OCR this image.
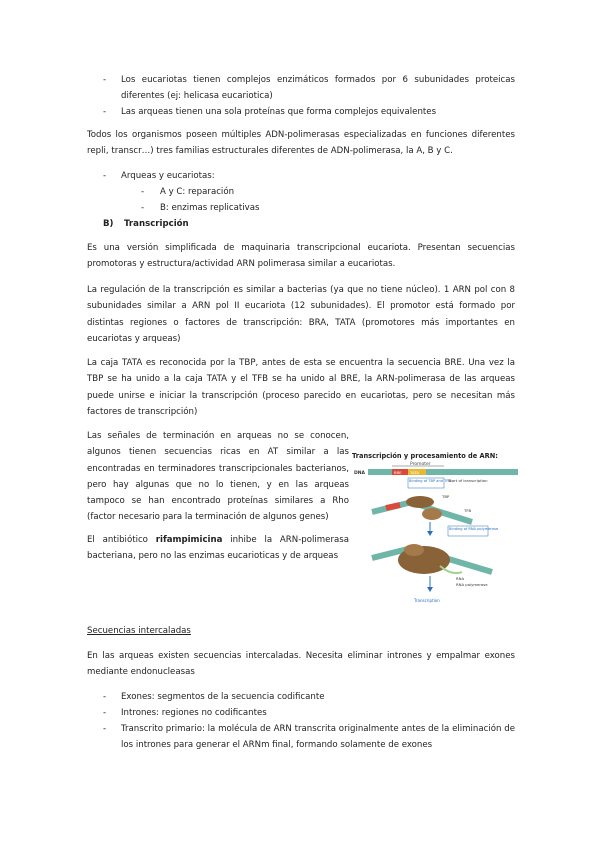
- Los eucariotas tienen complejos enzimáticos formados por 6 subunidades proteicas diferentes (ej: helicasa eucariotica)

- Las arqueas tienen una sola proteínas que forma complejos equivalentes

Todos los organismos poseen múltiples ADN-polimerasas especializadas en funciones diferentes repli, transcr…) tres familias estructurales diferentes de ADN-polimerasa, la A, B y C.

- Arqueas y eucariotas:

- A y C: reparación

- B: enzimas replicativas

B) Transcripción

Es una versión simplificada de maquinaria transcripcional eucariota. Presentan secuencias promotoras y estructura/actividad ARN polimerasa similar a eucariotas.

La regulación de la transcripción es similar a bacterias (ya que no tiene núcleo). 1 ARN pol con 8 subunidades similar a ARN pol II eucariota (12 subunidades). El promotor está formado por distintas regiones o factores de transcripción: BRA, TATA (promotores más importantes en eucariotas y arqueas)

La caja TATA es reconocida por la TBP, antes de esta se encuentra la secuencia BRE. Una vez la TBP se ha unido a la caja TATA y el TFB se ha unido al BRE, la ARN-polimerasa de las arqueas puede unirse e iniciar la transcripción (proceso parecido en eucariotas, pero se necesitan más factores de transcripción)

Las señales de terminación en arqueas no se conocen, algunos tienen secuencias ricas en AT similar a las encontradas en terminadores transcripcionales bacterianos, pero hay algunas que no lo tienen, y en las arqueas tampoco se han encontrado proteínas similares a Rho (factor necesario para la terminación de algunos genes)

El antibiótico rifampimicina inhibe la ARN-polimerasa bacteriana, pero no las enzimas eucarioticas y de arqueas

Transcripción y procesamiento de ARN:
Promoter
DNA	BRE TATA
Binding of TBP and TFB
Start of transcription
TBP
TFB
Binding of RNA polymerase
RNA
RNA polymerase
Transcription

Secuencias intercaladas

En las arqueas existen secuencias intercaladas. Necesita eliminar intrones y empalmar exones mediante endonucleasas

- Exones: segmentos de la secuencia codificante

- Intrones: regiones no codificantes

- Transcrito primario: la molécula de ARN transcrita originalmente antes de la eliminación de los intrones para generar el ARNm final, formando solamente de exones
